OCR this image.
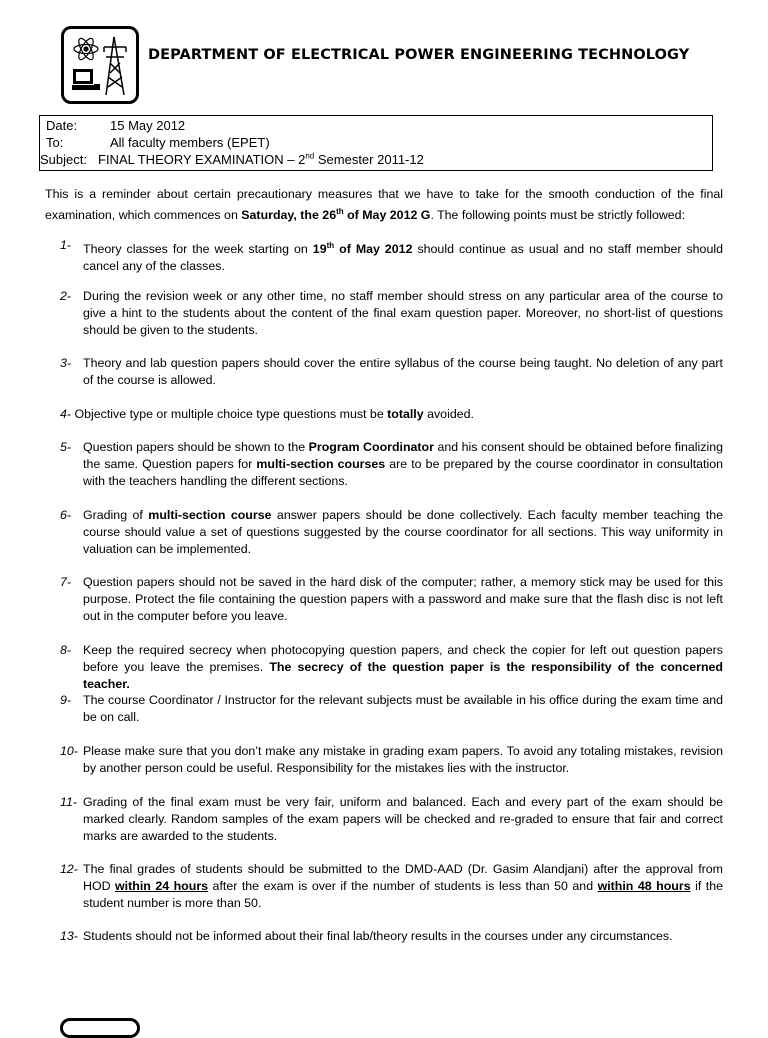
DEPARTMENT OF ELECTRICAL POWER ENGINEERING TECHNOLOGY
Date:	15 May 2012
To:	All faculty members (EPET)
Subject: FINAL THEORY EXAMINATION – 2nd Semester 2011-12
This is a reminder about certain precautionary measures that we have to take for the smooth conduction of the final examination, which commences on Saturday, the 26th of May 2012 G. The following points must be strictly followed:
1- Theory classes for the week starting on 19th of May 2012 should continue as usual and no staff member should cancel any of the classes.
2- During the revision week or any other time, no staff member should stress on any particular area of the course to give a hint to the students about the content of the final exam question paper. Moreover, no short-list of questions should be given to the students.
3- Theory and lab question papers should cover the entire syllabus of the course being taught. No deletion of any part of the course is allowed.
4- Objective type or multiple choice type questions must be totally avoided.
5- Question papers should be shown to the Program Coordinator and his consent should be obtained before finalizing the same. Question papers for multi-section courses are to be prepared by the course coordinator in consultation with the teachers handling the different sections.
6- Grading of multi-section course answer papers should be done collectively. Each faculty member teaching the course should value a set of questions suggested by the course coordinator for all sections. This way uniformity in valuation can be implemented.
7- Question papers should not be saved in the hard disk of the computer; rather, a memory stick may be used for this purpose. Protect the file containing the question papers with a password and make sure that the flash disc is not left out in the computer before you leave.
8- Keep the required secrecy when photocopying question papers, and check the copier for left out question papers before you leave the premises. The secrecy of the question paper is the responsibility of the concerned teacher.
9- The course Coordinator / Instructor for the relevant subjects must be available in his office during the exam time and be on call.
10- Please make sure that you don’t make any mistake in grading exam papers. To avoid any totaling mistakes, revision by another person could be useful. Responsibility for the mistakes lies with the instructor.
11- Grading of the final exam must be very fair, uniform and balanced. Each and every part of the exam should be marked clearly. Random samples of the exam papers will be checked and re-graded to ensure that fair and correct marks are awarded to the students.
12- The final grades of students should be submitted to the DMD-AAD (Dr. Gasim Alandjani) after the approval from HOD within 24 hours after the exam is over if the number of students is less than 50 and within 48 hours if the student number is more than 50.
13- Students should not be informed about their final lab/theory results in the courses under any circumstances.
